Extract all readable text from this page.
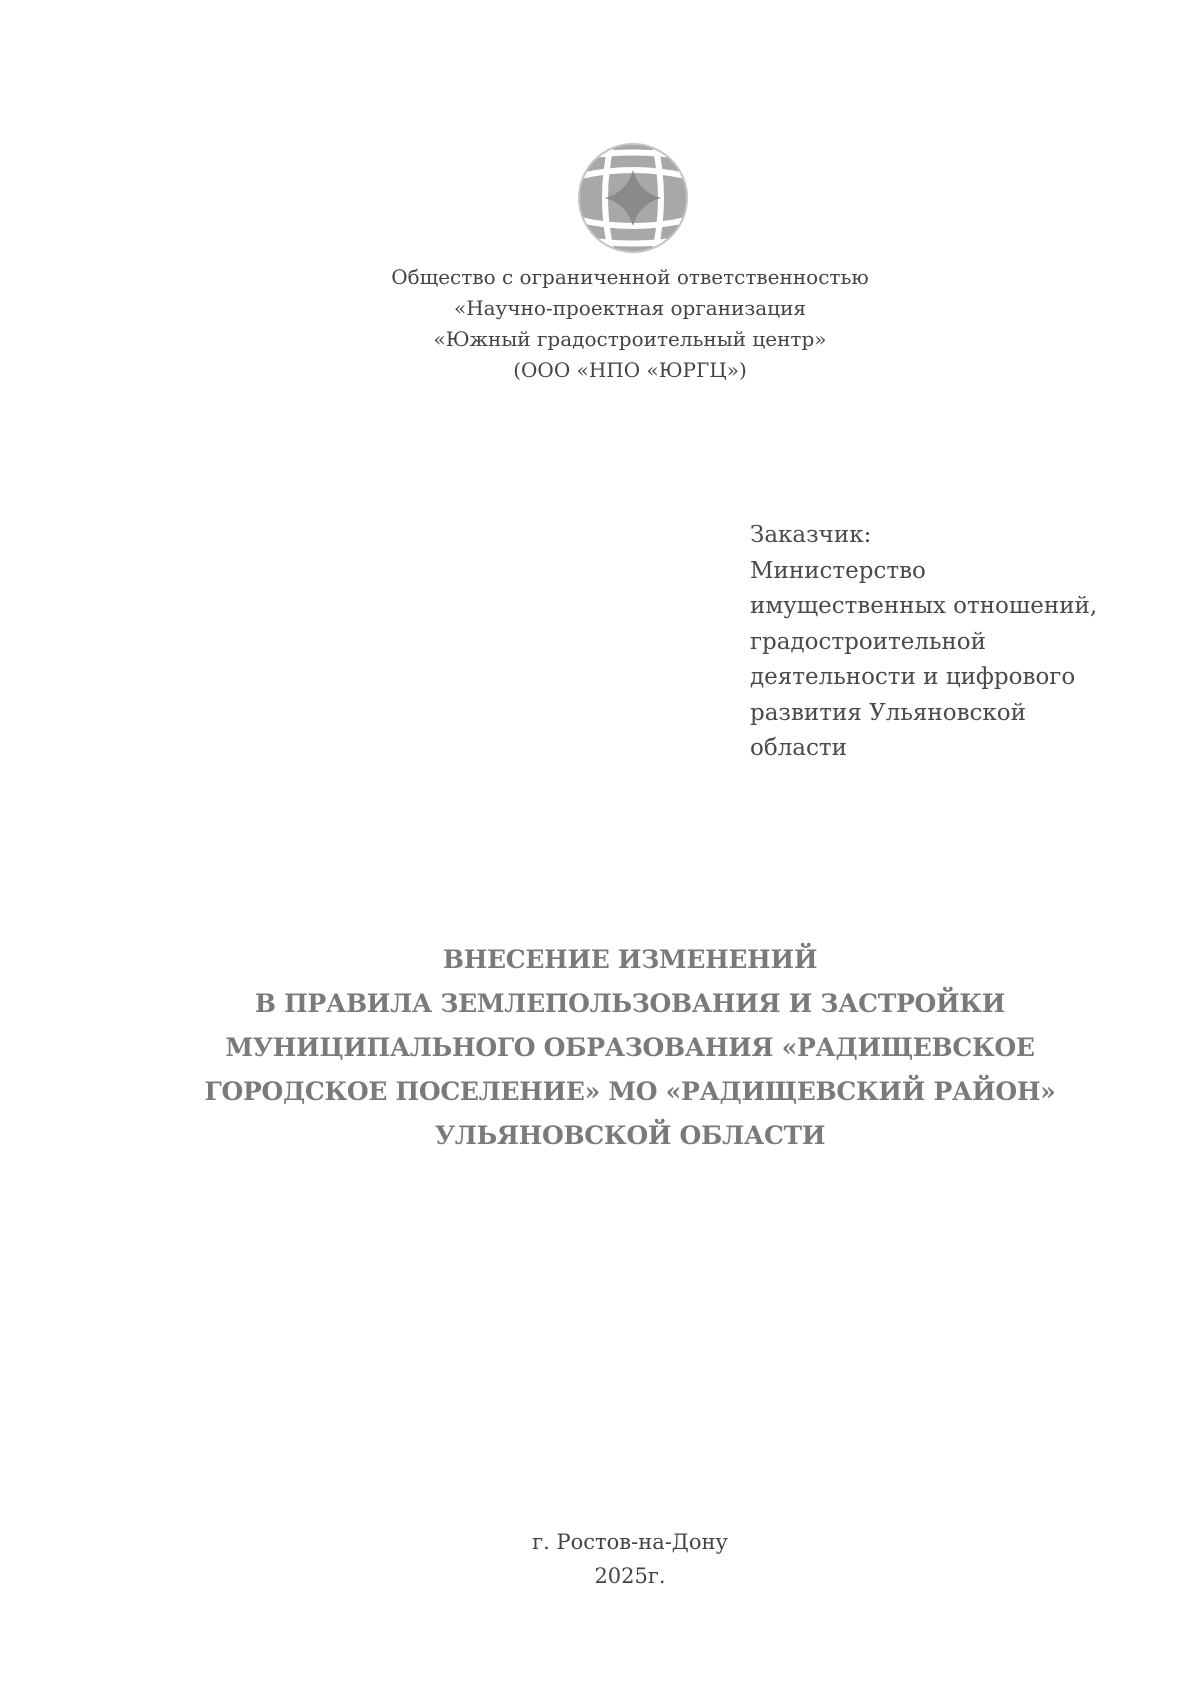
Общество с ограниченной ответственностью
«Научно-проектная организация
«Южный градостроительный центр»
(ООО «НПО «ЮРГЦ»)
Заказчик:
Министерство
имущественных отношений,
градостроительной
деятельности и цифрового
развития Ульяновской
области
ВНЕСЕНИЕ ИЗМЕНЕНИЙ
В ПРАВИЛА ЗЕМЛЕПОЛЬЗОВАНИЯ И ЗАСТРОЙКИ
МУНИЦИПАЛЬНОГО ОБРАЗОВАНИЯ «РАДИЩЕВСКОЕ
ГОРОДСКОЕ ПОСЕЛЕНИЕ» МО «РАДИЩЕВСКИЙ РАЙОН»
УЛЬЯНОВСКОЙ ОБЛАСТИ
г. Ростов-на-Дону
2025г.
